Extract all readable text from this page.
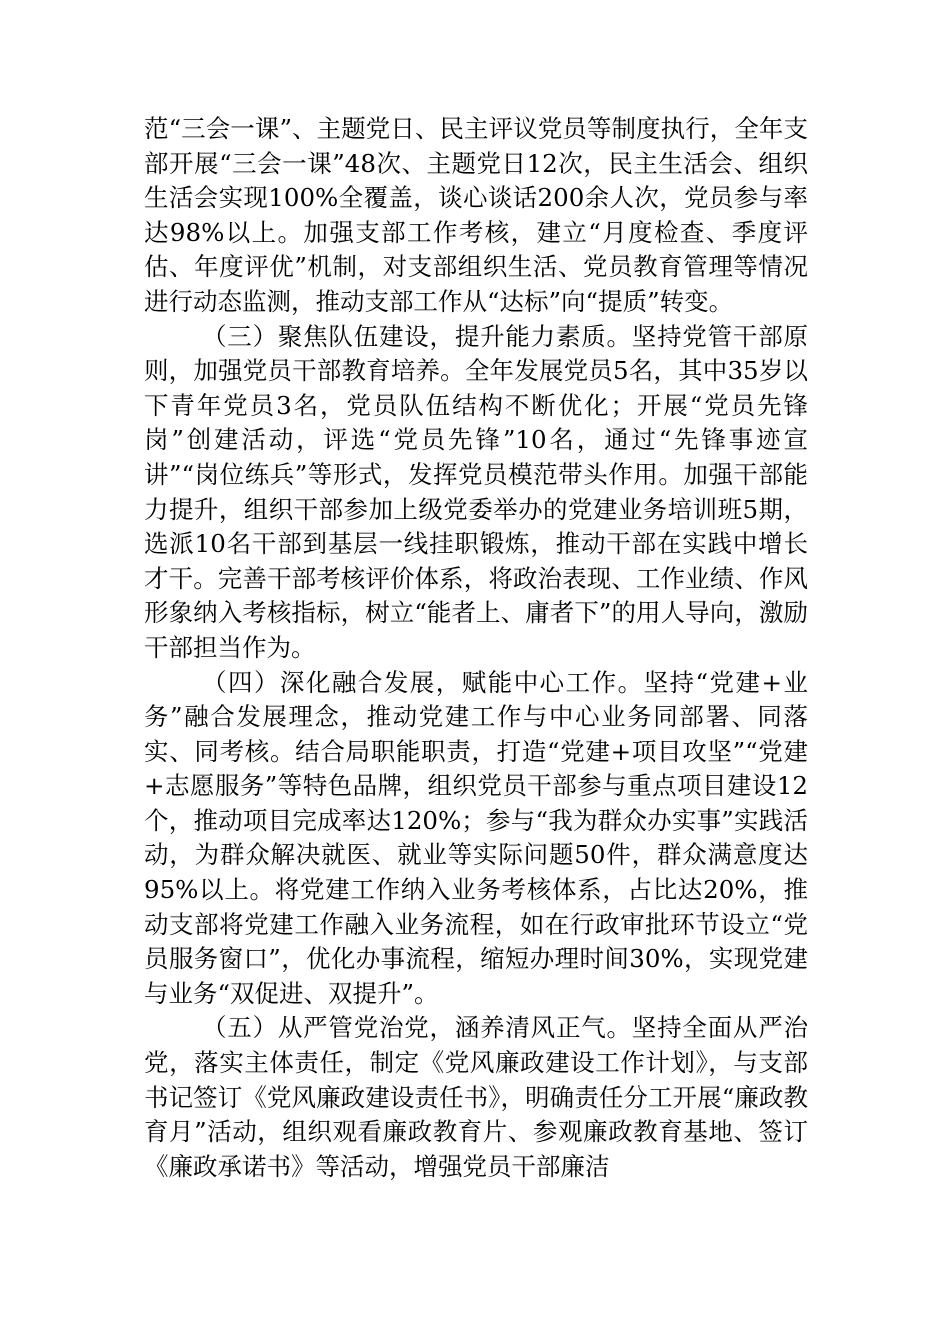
范“三会一课”、主题党日、民主评议党员等制度执行，全年支部开展“三会一课”48次、主题党日12次，民主生活会、组织生活会实现100%全覆盖，谈心谈话200余人次，党员参与率达98%以上。加强支部工作考核，建立“月度检查、季度评估、年度评优”机制，对支部组织生活、党员教育管理等情况进行动态监测，推动支部工作从“达标”向“提质”转变。

（三）聚焦队伍建设，提升能力素质。坚持党管干部原则，加强党员干部教育培养。全年发展党员5名，其中35岁以下青年党员3名，党员队伍结构不断优化；开展“党员先锋岗”创建活动，评选“党员先锋”10名，通过“先锋事迹宣讲”“岗位练兵”等形式，发挥党员模范带头作用。加强干部能力提升，组织干部参加上级党委举办的党建业务培训班5期，选派10名干部到基层一线挂职锻炼，推动干部在实践中增长才干。完善干部考核评价体系，将政治表现、工作业绩、作风形象纳入考核指标，树立“能者上、庸者下”的用人导向，激励干部担当作为。

（四）深化融合发展，赋能中心工作。坚持“党建+业务”融合发展理念，推动党建工作与中心业务同部署、同落实、同考核。结合局职能职责，打造“党建+项目攻坚”“党建+志愿服务”等特色品牌，组织党员干部参与重点项目建设12个，推动项目完成率达120%；参与“我为群众办实事”实践活动，为群众解决就医、就业等实际问题50件，群众满意度达95%以上。将党建工作纳入业务考核体系，占比达20%，推动支部将党建工作融入业务流程，如在行政审批环节设立“党员服务窗口”，优化办事流程，缩短办理时间30%，实现党建与业务“双促进、双提升”。

（五）从严管党治党，涵养清风正气。坚持全面从严治党，落实主体责任，制定《党风廉政建设工作计划》，与支部书记签订《党风廉政建设责任书》，明确责任分工开展“廉政教育月”活动，组织观看廉政教育片、参观廉政教育基地、签订《廉政承诺书》等活动，增强党员干部廉洁
